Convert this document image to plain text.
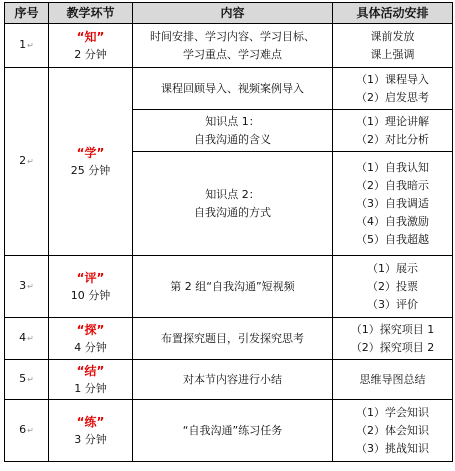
序号	教学环节	内容	具体活动安排
1↵	“知”
2 分钟	时间安排、学习内容、学习目标、
学习重点、学习难点	课前发放
课上强调

2↵	“学”
25 分钟	课程回顾导入、视频案例导入	（1）课程导入
（2）启发思考

		知识点 1：
自我沟通的含义	（1）理论讲解
（2）对比分析

		知识点 2：
自我沟通的方式	（1）自我认知
（2）自我暗示
（3）自我调适
（4）自我激励
（5）自我超越

3↵	“评”
10 分钟	第 2 组“自我沟通”短视频	（1）展示
（2）投票
（3）评价

4↵	“探”
4 分钟	布置探究题目，引发探究思考	（1）探究项目 1
（2）探究项目 2

5↵	“结”
1 分钟	对本节内容进行小结	思维导图总结

6↵	“练”
3 分钟	“自我沟通”练习任务	（1）学会知识
（2）体会知识
（3）挑战知识
